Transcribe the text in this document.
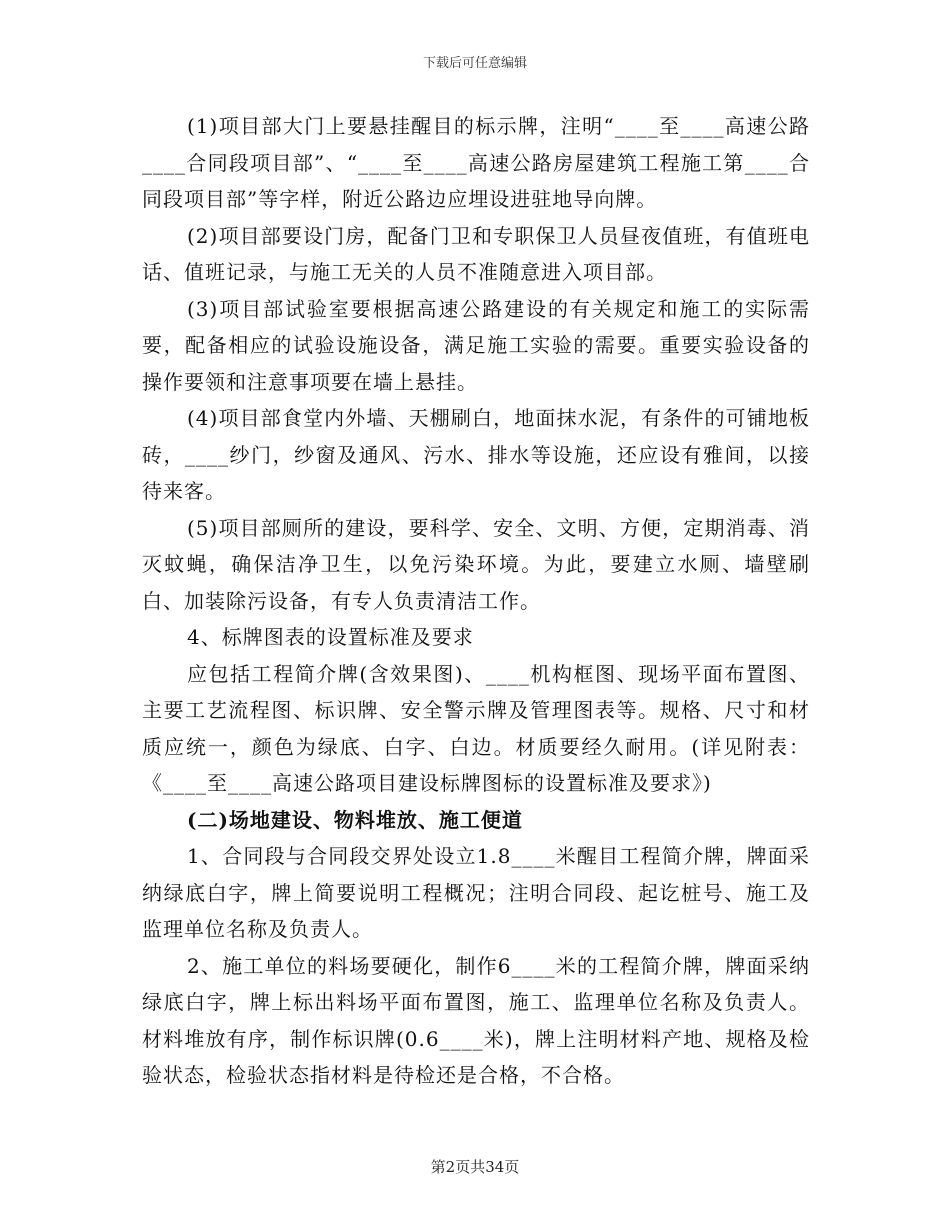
下载后可任意编辑

(1)项目部大门上要悬挂醒目的标示牌，注明“____至____高速公路____合同段项目部”、“____至____高速公路房屋建筑工程施工第____合同段项目部”等字样，附近公路边应埋设进驻地导向牌。

(2)项目部要设门房，配备门卫和专职保卫人员昼夜值班，有值班电话、值班记录，与施工无关的人员不准随意进入项目部。

(3)项目部试验室要根据高速公路建设的有关规定和施工的实际需要，配备相应的试验设施设备，满足施工实验的需要。重要实验设备的操作要领和注意事项要在墙上悬挂。

(4)项目部食堂内外墙、天棚刷白，地面抹水泥，有条件的可铺地板砖，____纱门，纱窗及通风、污水、排水等设施，还应设有雅间，以接待来客。

(5)项目部厕所的建设，要科学、安全、文明、方便，定期消毒、消灭蚊蝇，确保洁净卫生，以免污染环境。为此，要建立水厕、墙壁刷白、加装除污设备，有专人负责清洁工作。

4、标牌图表的设置标准及要求

应包括工程简介牌(含效果图)、____机构框图、现场平面布置图、主要工艺流程图、标识牌、安全警示牌及管理图表等。规格、尺寸和材质应统一，颜色为绿底、白字、白边。材质要经久耐用。(详见附表：《____至____高速公路项目建设标牌图标的设置标准及要求》)

(二)场地建设、物料堆放、施工便道

1、合同段与合同段交界处设立1.8____米醒目工程简介牌，牌面采纳绿底白字，牌上简要说明工程概况；注明合同段、起讫桩号、施工及监理单位名称及负责人。

2、施工单位的料场要硬化，制作6____米的工程简介牌，牌面采纳绿底白字，牌上标出料场平面布置图，施工、监理单位名称及负责人。材料堆放有序，制作标识牌(0.6____米)，牌上注明材料产地、规格及检验状态，检验状态指材料是待检还是合格，不合格。

第2页共34页
